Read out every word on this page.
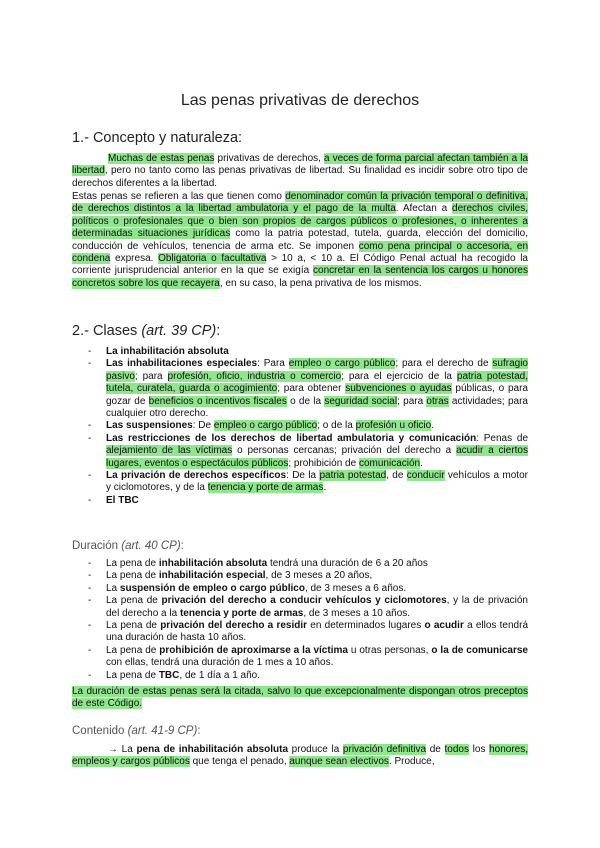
Las penas privativas de derechos
1.- Concepto y naturaleza:
Muchas de estas penas privativas de derechos, a veces de forma parcial afectan también a la libertad, pero no tanto como las penas privativas de libertad. Su finalidad es incidir sobre otro tipo de derechos diferentes a la libertad.
Estas penas se refieren a las que tienen como denominador común la privación temporal o definitiva, de derechos distintos a la libertad ambulatoria y el pago de la multa. Afectan a derechos civiles, políticos o profesionales que o bien son propios de cargos públicos o profesiones, o inherentes a determinadas situaciones jurídicas como la patria potestad, tutela, guarda, elección del domicilio, conducción de vehículos, tenencia de arma etc. Se imponen como pena principal o accesoria, en condena expresa. Obligatoria o facultativa > 10 a, < 10 a. El Código Penal actual ha recogido la corriente jurisprudencial anterior en la que se exigía concretar en la sentencia los cargos u honores concretos sobre los que recayera, en su caso, la pena privativa de los mismos.
2.- Clases (art. 39 CP):
- La inhabilitación absoluta
- Las inhabilitaciones especiales: Para empleo o cargo público; para el derecho de sufragio pasivo; para profesión, oficio, industria o comercio; para el ejercicio de la patria potestad, tutela, curatela, guarda o acogimiento; para obtener subvenciones o ayudas públicas, o para gozar de beneficios o incentivos fiscales o de la seguridad social; para otras actividades; para cualquier otro derecho.
- Las suspensiones: De empleo o cargo público; o de la profesión u oficio.
- Las restricciones de los derechos de libertad ambulatoria y comunicación: Penas de alejamiento de las víctimas o personas cercanas; privación del derecho a acudir a ciertos lugares, eventos o espectáculos públicos; prohibición de comunicación.
- La privación de derechos específicos: De la patria potestad, de conducir vehículos a motor y ciclomotores, y de la tenencia y porte de armas.
- El TBC
Duración (art. 40 CP):
- La pena de inhabilitación absoluta tendrá una duración de 6 a 20 años
- La pena de inhabilitación especial, de 3 meses a 20 años,
- La suspensión de empleo o cargo público, de 3 meses a 6 años.
- La pena de privación del derecho a conducir vehículos y ciclomotores, y la de privación del derecho a la tenencia y porte de armas, de 3 meses a 10 años.
- La pena de privación del derecho a residir en determinados lugares o acudir a ellos tendrá una duración de hasta 10 años.
- La pena de prohibición de aproximarse a la víctima u otras personas, o la de comunicarse con ellas, tendrá una duración de 1 mes a 10 años.
- La pena de TBC, de 1 día a 1 año.
La duración de estas penas será la citada, salvo lo que excepcionalmente dispongan otros preceptos de este Código.
Contenido (art. 41-9 CP):
→ La pena de inhabilitación absoluta produce la privación definitiva de todos los honores, empleos y cargos públicos que tenga el penado, aunque sean electivos. Produce,
